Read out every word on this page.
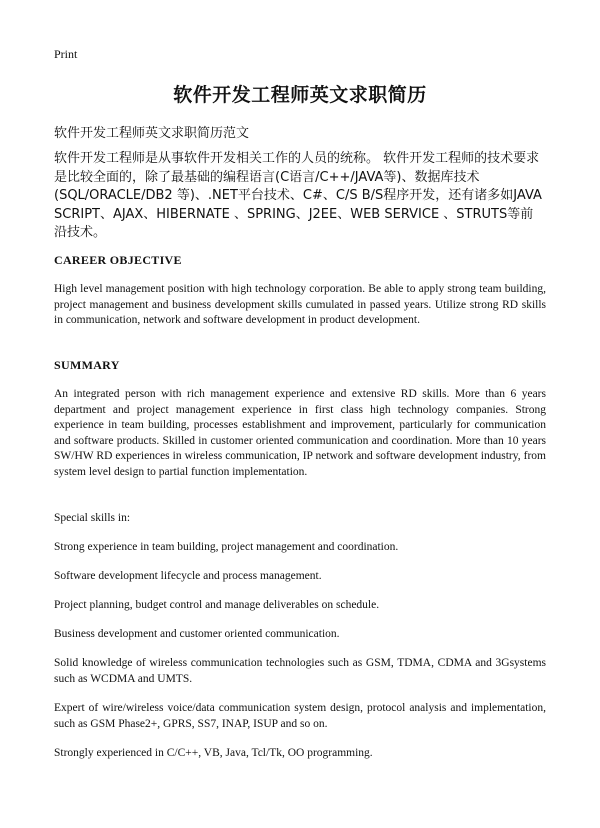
Print
软件开发工程师英文求职简历
软件开发工程师英文求职简历范文
软件开发工程师是从事软件开发相关工作的人员的统称。 软件开发工程师的技术要求是比较全面的，除了最基础的编程语言(C语言/C++/JAVA等)、数据库技术(SQL/ORACLE/DB2 等)、.NET平台技术、C#、C/S B/S程序开发，还有诸多如JAVA SCRIPT、AJAX、HIBERNATE 、SPRING、J2EE、WEB SERVICE 、STRUTS等前沿技术。
CAREER OBJECTIVE
High level management position with high technology corporation. Be able to apply strong team building, project management and business development skills cumulated in passed years. Utilize strong RD skills in communication, network and software development in product development.
SUMMARY
An integrated person with rich management experience and extensive RD skills. More than 6 years department and project management experience in first class high technology companies. Strong experience in team building, processes establishment and improvement, particularly for communication and software products. Skilled in customer oriented communication and coordination. More than 10 years SW/HW RD experiences in wireless communication, IP network and software development industry, from system level design to partial function implementation.
Special skills in:
Strong experience in team building, project management and coordination.
Software development lifecycle and process management.
Project planning, budget control and manage deliverables on schedule.
Business development and customer oriented communication.
Solid knowledge of wireless communication technologies such as GSM, TDMA, CDMA and 3Gsystems such as WCDMA and UMTS.
Expert of wire/wireless voice/data communication system design, protocol analysis and implementation, such as GSM Phase2+, GPRS, SS7, INAP, ISUP and so on.
Strongly experienced in C/C++, VB, Java, Tcl/Tk, OO programming.
